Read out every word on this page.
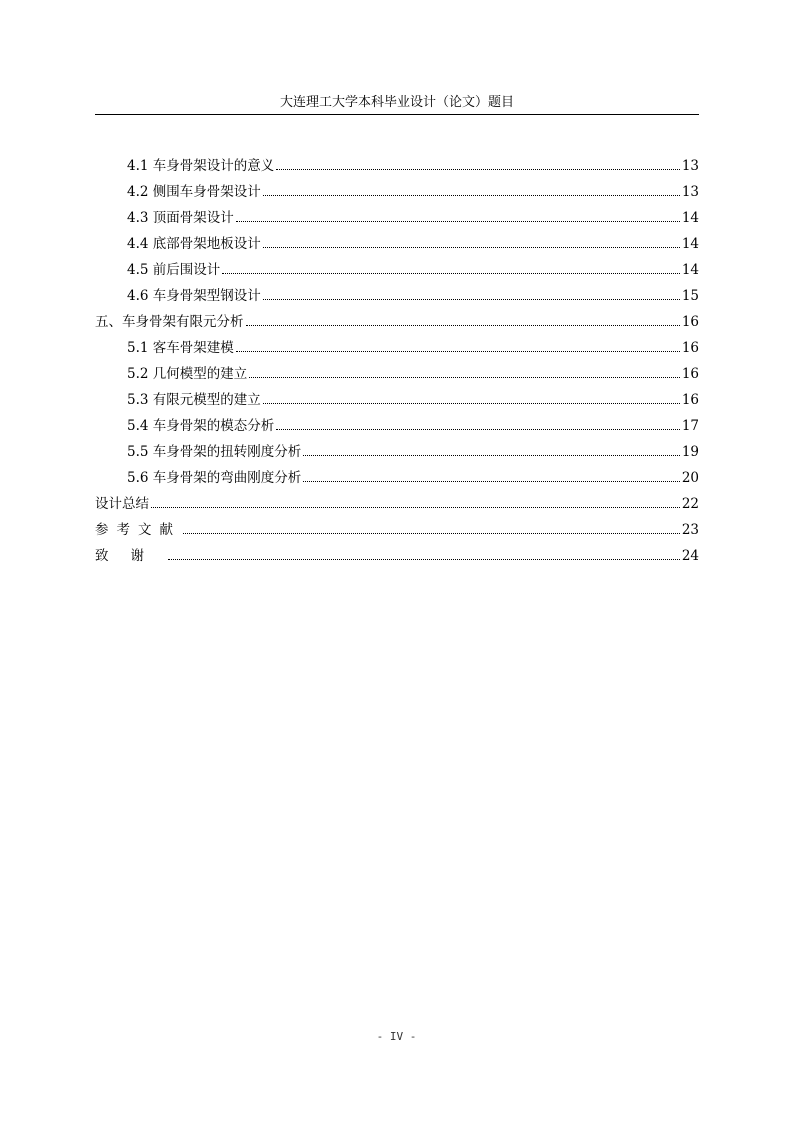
大连理工大学本科毕业设计（论文）题目
4.1 车身骨架设计的意义	13
4.2 侧围车身骨架设计	13
4.3 顶面骨架设计	14
4.4 底部骨架地板设计	14
4.5 前后围设计	14
4.6 车身骨架型钢设计	15
五、车身骨架有限元分析	16
5.1 客车骨架建模	16
5.2 几何模型的建立	16
5.3 有限元模型的建立	16
5.4 车身骨架的模态分析	17
5.5 车身骨架的扭转刚度分析	19
5.6 车身骨架的弯曲刚度分析	20
设计总结	22
参考文献	23
致谢	24
- IV -
